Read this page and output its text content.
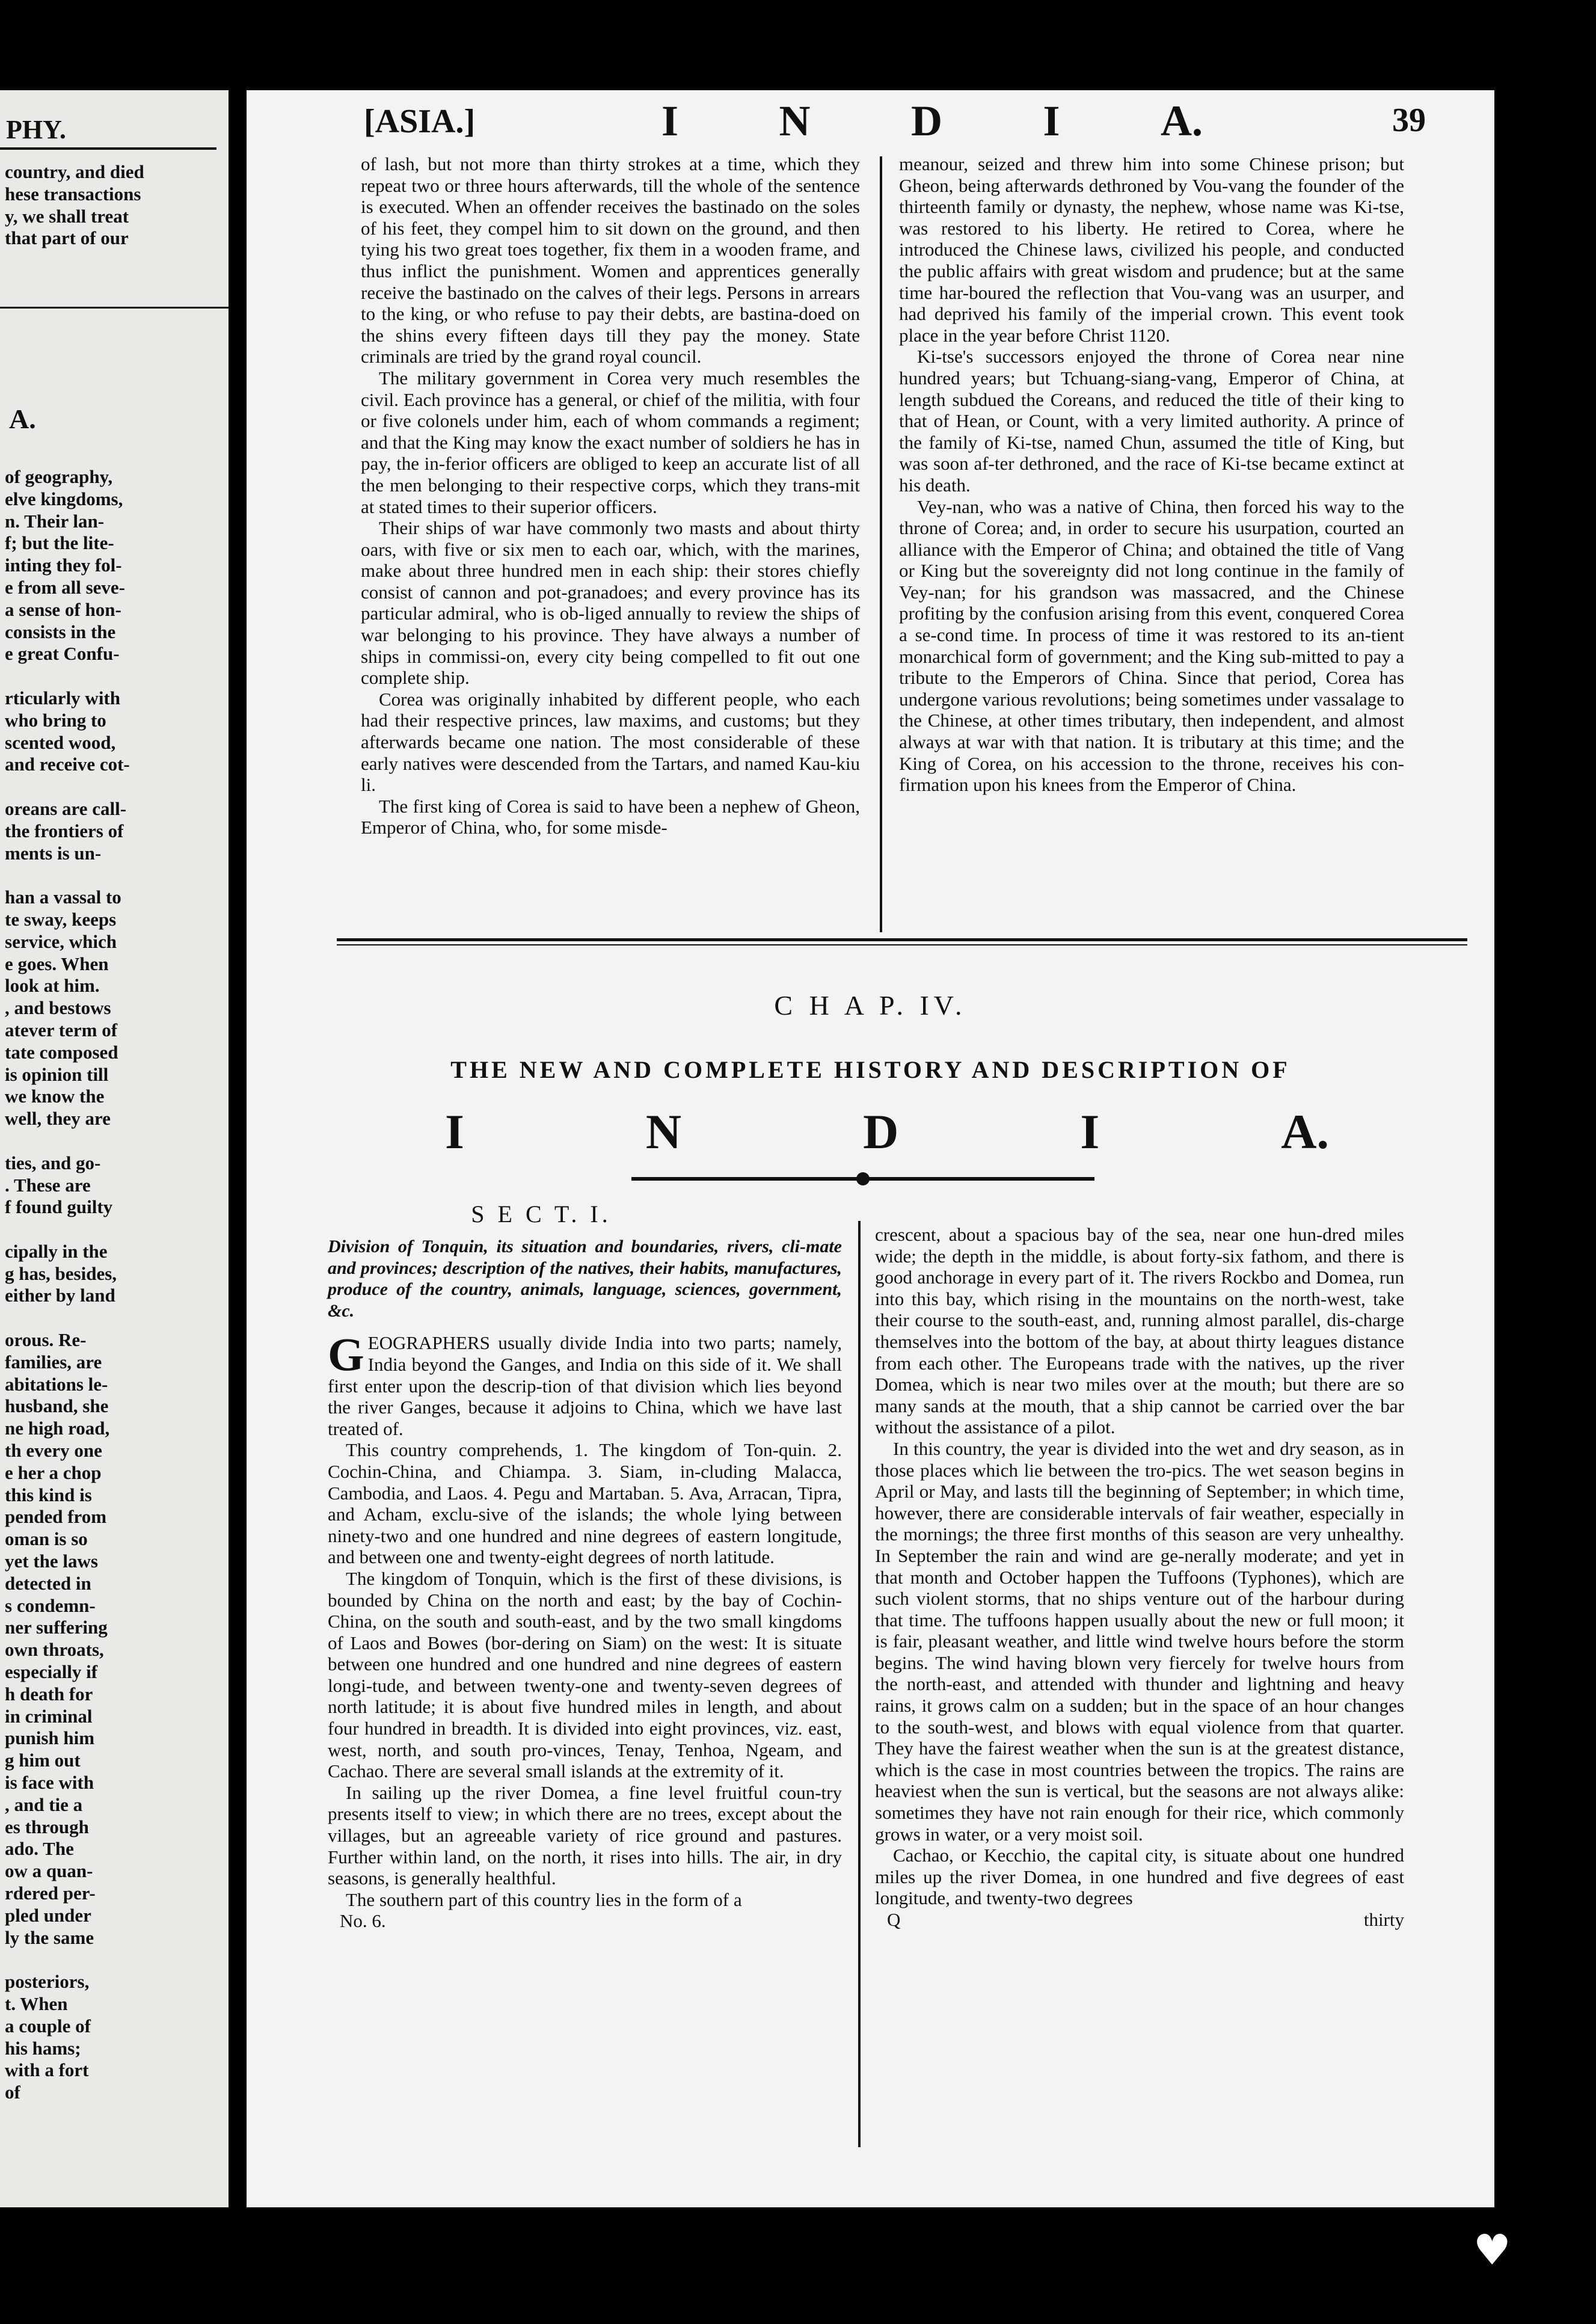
PHY.
country, and died
hese transactions
y, we shall treat
that part of our
A.
of geography,
elve kingdoms,
n. Their lan-
f; but the lite-
inting they fol-
e from all seve-
a sense of hon-
consists in the
e great Confu-

rticularly with
who bring to
scented wood,
and receive cot-

oreans are call-
the frontiers of
ments is un-

han a vassal to
te sway, keeps
service, which
e goes. When
look at him.
, and bestows
atever term of
tate composed
is opinion till
we know the
well, they are

ties, and go-
. These are
f found guilty

cipally in the
g has, besides,
either by land

orous. Re-
families, are
abitations le-
husband, she
ne high road,
th every one
e her a chop
this kind is
pended from
oman is so
yet the laws
detected in
s condemn-
ner suffering
own throats,
especially if
h death for
in criminal
punish him
g him out
is face with
, and tie a
es through
ado. The
ow a quan-
rdered per-
pled under
ly the same

posteriors,
t. When
a couple of
his hams;
with a fort
of
[ASIA.]	I N D I A.	39

of lash, but not more than thirty strokes at a time, which they repeat two or three hours afterwards, till the whole of the sentence is executed. When an offender receives the bastinado on the soles of his feet, they compel him to sit down on the ground, and then tying his two great toes together, fix them in a wooden frame, and thus inflict the punishment. Women and apprentices generally receive the bastinado on the calves of their legs. Persons in arrears to the king, or who refuse to pay their debts, are bastina-doed on the shins every fifteen days till they pay the money. State criminals are tried by the grand royal council.

The military government in Corea very much resembles the civil. Each province has a general, or chief of the militia, with four or five colonels under him, each of whom commands a regiment; and that the King may know the exact number of soldiers he has in pay, the in-ferior officers are obliged to keep an accurate list of all the men belonging to their respective corps, which they trans-mit at stated times to their superior officers.

Their ships of war have commonly two masts and about thirty oars, with five or six men to each oar, which, with the marines, make about three hundred men in each ship: their stores chiefly consist of cannon and pot-granadoes; and every province has its particular admiral, who is ob-liged annually to review the ships of war belonging to his province. They have always a number of ships in commissi-on, every city being compelled to fit out one complete ship.

Corea was originally inhabited by different people, who each had their respective princes, law maxims, and customs; but they afterwards became one nation. The most considerable of these early natives were descended from the Tartars, and named Kau-kiu li.

The first king of Corea is said to have been a nephew of Gheon, Emperor of China, who, for some misde-

meanour, seized and threw him into some Chinese prison; but Gheon, being afterwards dethroned by Vou-vang the founder of the thirteenth family or dynasty, the nephew, whose name was Ki-tse, was restored to his liberty. He retired to Corea, where he introduced the Chinese laws, civilized his people, and conducted the public affairs with great wisdom and prudence; but at the same time har-boured the reflection that Vou-vang was an usurper, and had deprived his family of the imperial crown. This event took place in the year before Christ 1120.

Ki-tse's successors enjoyed the throne of Corea near nine hundred years; but Tchuang-siang-vang, Emperor of China, at length subdued the Coreans, and reduced the title of their king to that of Hean, or Count, with a very limited authority. A prince of the family of Ki-tse, named Chun, assumed the title of King, but was soon af-ter dethroned, and the race of Ki-tse became extinct at his death.

Vey-nan, who was a native of China, then forced his way to the throne of Corea; and, in order to secure his usurpation, courted an alliance with the Emperor of China; and obtained the title of Vang or King but the sovereignty did not long continue in the family of Vey-nan; for his grandson was massacred, and the Chinese profiting by the confusion arising from this event, conquered Corea a se-cond time. In process of time it was restored to its an-tient monarchical form of government; and the King sub-mitted to pay a tribute to the Emperors of China. Since that period, Corea has undergone various revolutions; being sometimes under vassalage to the Chinese, at other times tributary, then independent, and almost always at war with that nation. It is tributary at this time; and the King of Corea, on his accession to the throne, receives his con-firmation upon his knees from the Emperor of China.

C H A P. IV.
THE NEW AND COMPLETE HISTORY AND DESCRIPTION OF
I	N	D	I	A.
S E C T. I.

Division of Tonquin, its situation and boundaries, rivers, cli-mate and provinces; description of the natives, their habits, manufactures, produce of the country, animals, language, sciences, government, &c.

GEOGRAPHERS usually divide India into two parts; namely, India beyond the Ganges, and India on this side of it. We shall first enter upon the descrip-tion of that division which lies beyond the river Ganges, because it adjoins to China, which we have last treated of.

This country comprehends, 1. The kingdom of Ton-quin. 2. Cochin-China, and Chiampa. 3. Siam, in-cluding Malacca, Cambodia, and Laos. 4. Pegu and Martaban. 5. Ava, Arracan, Tipra, and Acham, exclu-sive of the islands; the whole lying between ninety-two and one hundred and nine degrees of eastern longitude, and between one and twenty-eight degrees of north latitude.

The kingdom of Tonquin, which is the first of these divisions, is bounded by China on the north and east; by the bay of Cochin-China, on the south and south-east, and by the two small kingdoms of Laos and Bowes (bor-dering on Siam) on the west: It is situate between one hundred and one hundred and nine degrees of eastern longi-tude, and between twenty-one and twenty-seven degrees of north latitude; it is about five hundred miles in length, and about four hundred in breadth. It is divided into eight provinces, viz. east, west, north, and south pro-vinces, Tenay, Tenhoa, Ngeam, and Cachao. There are several small islands at the extremity of it.

In sailing up the river Domea, a fine level fruitful coun-try presents itself to view; in which there are no trees, except about the villages, but an agreeable variety of rice ground and pastures. Further within land, on the north, it rises into hills. The air, in dry seasons, is generally healthful.

The southern part of this country lies in the form of a

No. 6.

crescent, about a spacious bay of the sea, near one hun-dred miles wide; the depth in the middle, is about forty-six fathom, and there is good anchorage in every part of it. The rivers Rockbo and Domea, run into this bay, which rising in the mountains on the north-west, take their course to the south-east, and, running almost parallel, dis-charge themselves into the bottom of the bay, at about thirty leagues distance from each other. The Europeans trade with the natives, up the river Domea, which is near two miles over at the mouth; but there are so many sands at the mouth, that a ship cannot be carried over the bar without the assistance of a pilot.

In this country, the year is divided into the wet and dry season, as in those places which lie between the tro-pics. The wet season begins in April or May, and lasts till the beginning of September; in which time, however, there are considerable intervals of fair weather, especially in the mornings; the three first months of this season are very unhealthy. In September the rain and wind are ge-nerally moderate; and yet in that month and October happen the Tuffoons (Typhones), which are such violent storms, that no ships venture out of the harbour during that time. The tuffoons happen usually about the new or full moon; it is fair, pleasant weather, and little wind twelve hours before the storm begins. The wind having blown very fiercely for twelve hours from the north-east, and attended with thunder and lightning and heavy rains, it grows calm on a sudden; but in the space of an hour changes to the south-west, and blows with equal violence from that quarter. They have the fairest weather when the sun is at the greatest distance, which is the case in most countries between the tropics. The rains are heaviest when the sun is vertical, but the seasons are not always alike: sometimes they have not rain enough for their rice, which commonly grows in water, or a very moist soil.

Cachao, or Kecchio, the capital city, is situate about one hundred miles up the river Domea, in one hundred and five degrees of east longitude, and twenty-two degrees

Q	thirty

♥
